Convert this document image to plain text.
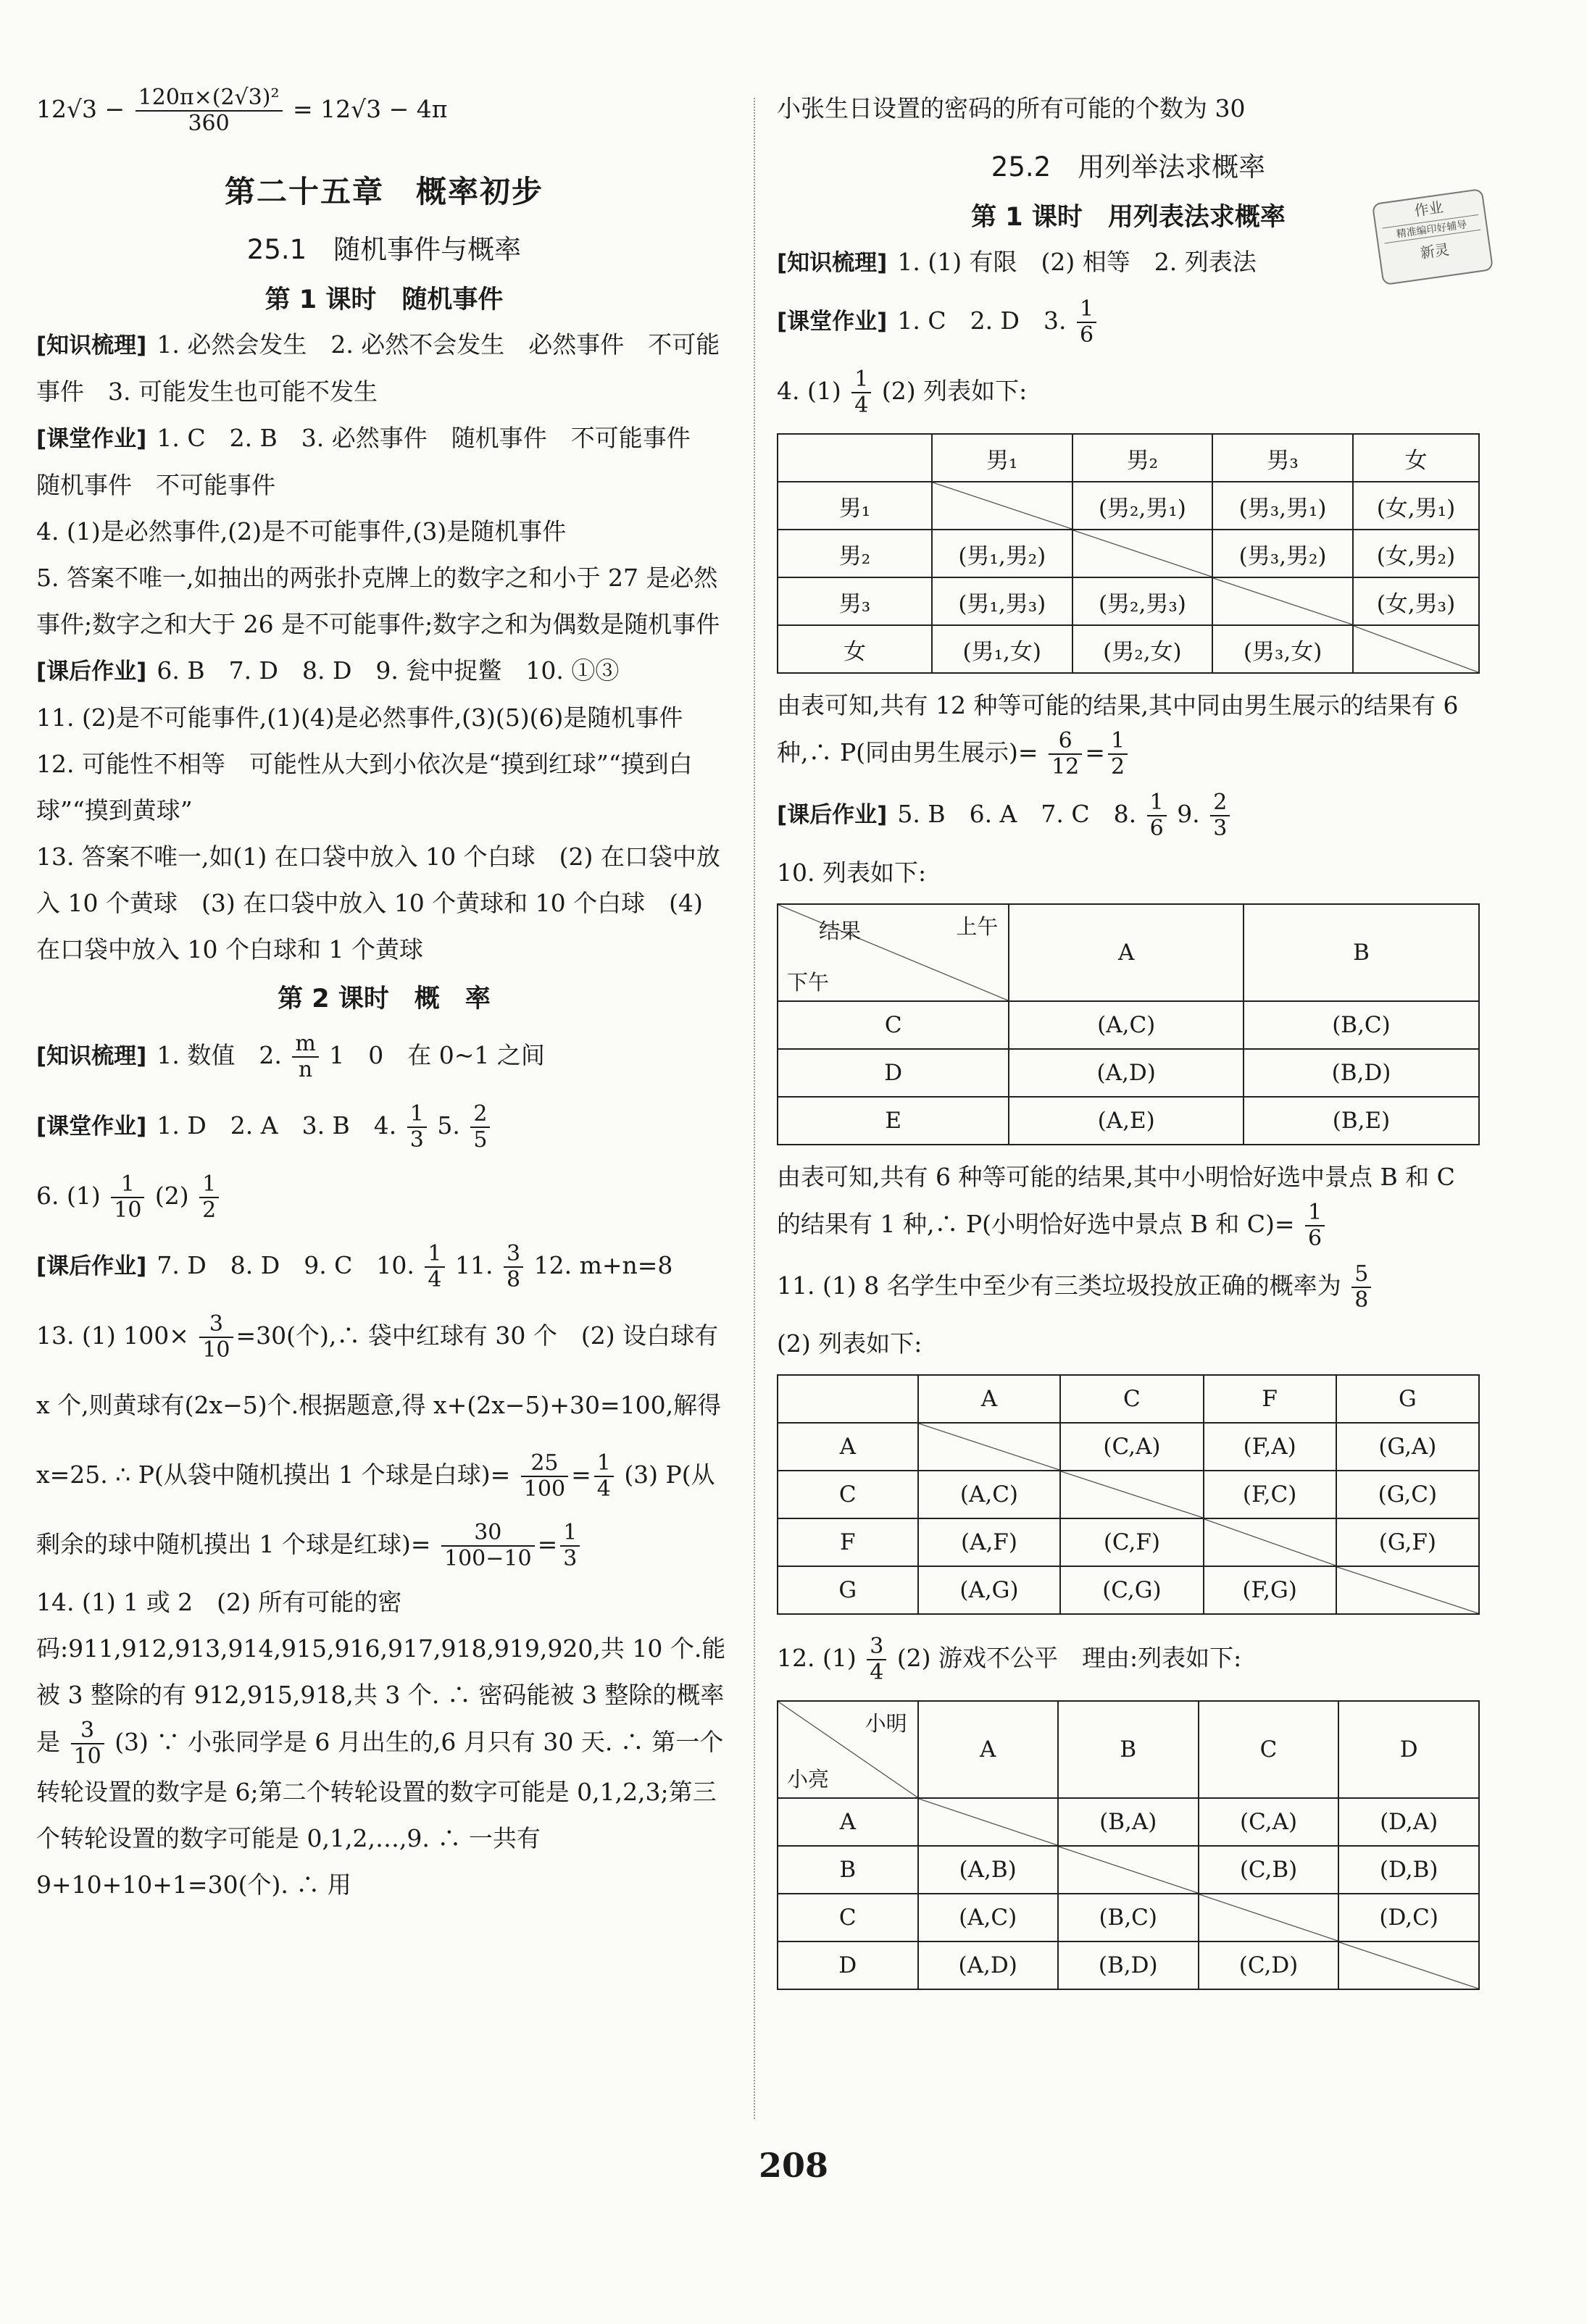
$12√3 - \frac{\text{120π×(2√3)²}}{360} = 12√3 - 4\pi$

第二十五章　概率初步
25.1　随机事件与概率
第 1 课时　随机事件

[知识梳理] 1. 必然会发生　2. 必然不会发生　必然事件　不可能事件　3. 可能发生也可能不发生

[课堂作业] 1. C　2. B　3. 必然事件　随机事件　不可能事件　随机事件　不可能事件

4. (1)是必然事件,(2)是不可能事件,(3)是随机事件

5. 答案不唯一,如抽出的两张扑克牌上的数字之和小于 27 是必然事件;数字之和大于 26 是不可能事件;数字之和为偶数是随机事件

[课后作业] 6. B　7. D　8. D　9. 瓮中捉鳖　10. ①③

11. (2)是不可能事件,(1)(4)是必然事件,(3)(5)(6)是随机事件

12. 可能性不相等　可能性从大到小依次是“摸到红球”“摸到白球”“摸到黄球”

13. 答案不唯一,如(1) 在口袋中放入 10 个白球　(2) 在口袋中放入 10 个黄球　(3) 在口袋中放入 10 个黄球和 10 个白球　(4) 在口袋中放入 10 个白球和 1 个黄球

第 2 课时　概　率

[知识梳理] 1. 数值　2. $\frac{m}{n} 1$　0　在 0~1 之间

[课堂作业] 1. D　2. A　3. B　4. $\frac{1}{3} 5$. $\frac{2}{5}$

6. $(1) \frac{1}{10} (2) \frac{1}{2}$

[课后作业] 7. D　8. D　9. C　10. $\frac{1}{4} 11$. $\frac{3}{8} 12$. m+n=8

13. (1) $100\times \frac{3}{10} =30$(个),∴ 袋中红球有 30 个　(2) 设白球有 x 个,则黄球有(2x−5)个.根据题意,得 x+(2x−5)+30=100,解得 x=25. ∴ P(从袋中随机摸出 1 个球是白球)= $\frac{25}{100} = \frac{1}{4} (3)$ P(从剩余的球中随机摸出 1 个球是红球)= $\frac{30}{100-10} = \frac{1}{3}$

14. (1) 1 或 2　(2) 所有可能的密码:911,912,913,914,915,916,917,918,919,920,共 10 个.能被 3 整除的有 912,915,918,共 3 个. ∴ 密码能被 3 整除的概率是 $\frac{3}{10} (3)$ ∵ 小张同学是 6 月出生的,6 月只有 30 天. ∴ 第一个转轮设置的数字是 6;第二个转轮设置的数字可能是 0,1,2,3;第三个转轮设置的数字可能是 0,1,2,…,9. ∴ 一共有 9+10+10+1=30(个). ∴ 用

小张生日设置的密码的所有可能的个数为 30

25.2　用列举法求概率
第 1 课时　用列表法求概率

[知识梳理] 1. (1) 有限　(2) 相等　2. 列表法

[课堂作业] 1. C　2. D　3. $\frac{1}{6}$

4. $(1) \frac{1}{4} (2)$ 列表如下:

	男₁	男₂	男₃	女
男₁		(男₂,男₁)	(男₃,男₁)	(女,男₁)
男₂	(男₁,男₂)		(男₃,男₂)	(女,男₂)
男₃	(男₁,男₃)	(男₂,男₃)		(女,男₃)
女	(男₁,女)	(男₂,女)	(男₃,女)	

由表可知,共有 12 种等可能的结果,其中同由男生展示的结果有 6 种,∴ P(同由男生展示)= $\frac{6}{12} = \frac{1}{2}$

[课后作业] 5. B　6. A　7. C　8. $\frac{1}{6} 9$. $\frac{2}{3}$

10. 列表如下:

上午
结果
下午	A	B
C	(A,C)	(B,C)
D	(A,D)	(B,D)
E	(A,E)	(B,E)

由表可知,共有 6 种等可能的结果,其中小明恰好选中景点 B 和 C 的结果有 1 种,∴ P(小明恰好选中景点 B 和 $C)= \frac{1}{6}$

11. (1) 8 名学生中至少有三类垃圾投放正确的概率为 $\frac{5}{8}$

(2) 列表如下:

	A	C	F	G
A		(C,A)	(F,A)	(G,A)
C	(A,C)		(F,C)	(G,C)
F	(A,F)	(C,F)		(G,F)
G	(A,G)	(C,G)	(F,G)	

12. $(1) \frac{3}{4} (2)$ 游戏不公平　理由:列表如下:

小明
小亮	A	B	C	D
A		(B,A)	(C,A)	(D,A)
B	(A,B)		(C,B)	(D,B)
C	(A,C)	(B,C)		(D,C)
D	(A,D)	(B,D)	(C,D)	
作业
精准编印好辅导
新灵
208
